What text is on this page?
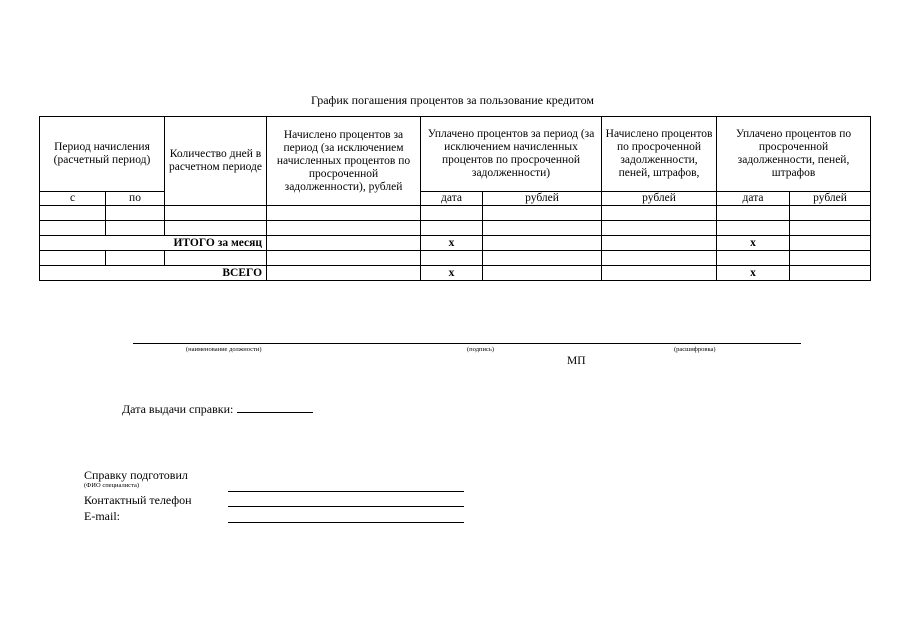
График погашения процентов за пользование кредитом
Период начисления (расчетный период)		Количество дней в расчетном периоде	Начислено процентов за период (за исключением начисленных процентов по просроченной задолженности), рублей	Уплачено процентов за период (за исключением начисленных процентов по просроченной задолженности)		Начислено процентов по просроченной задолженности, пеней, штрафов,	Уплачено процентов по просроченной задолженности, пеней, штрафов	
с	по			дата	рублей	рублей	дата	рублей

ИТОГО за месяц				x			x	

ВСЕГО				x			x	
(наименование должности)	(подпись)	(расшифровка)
МП
Дата выдачи справки:
Справку подготовил
(ФИО специалиста)
Контактный телефон
E-mail:
